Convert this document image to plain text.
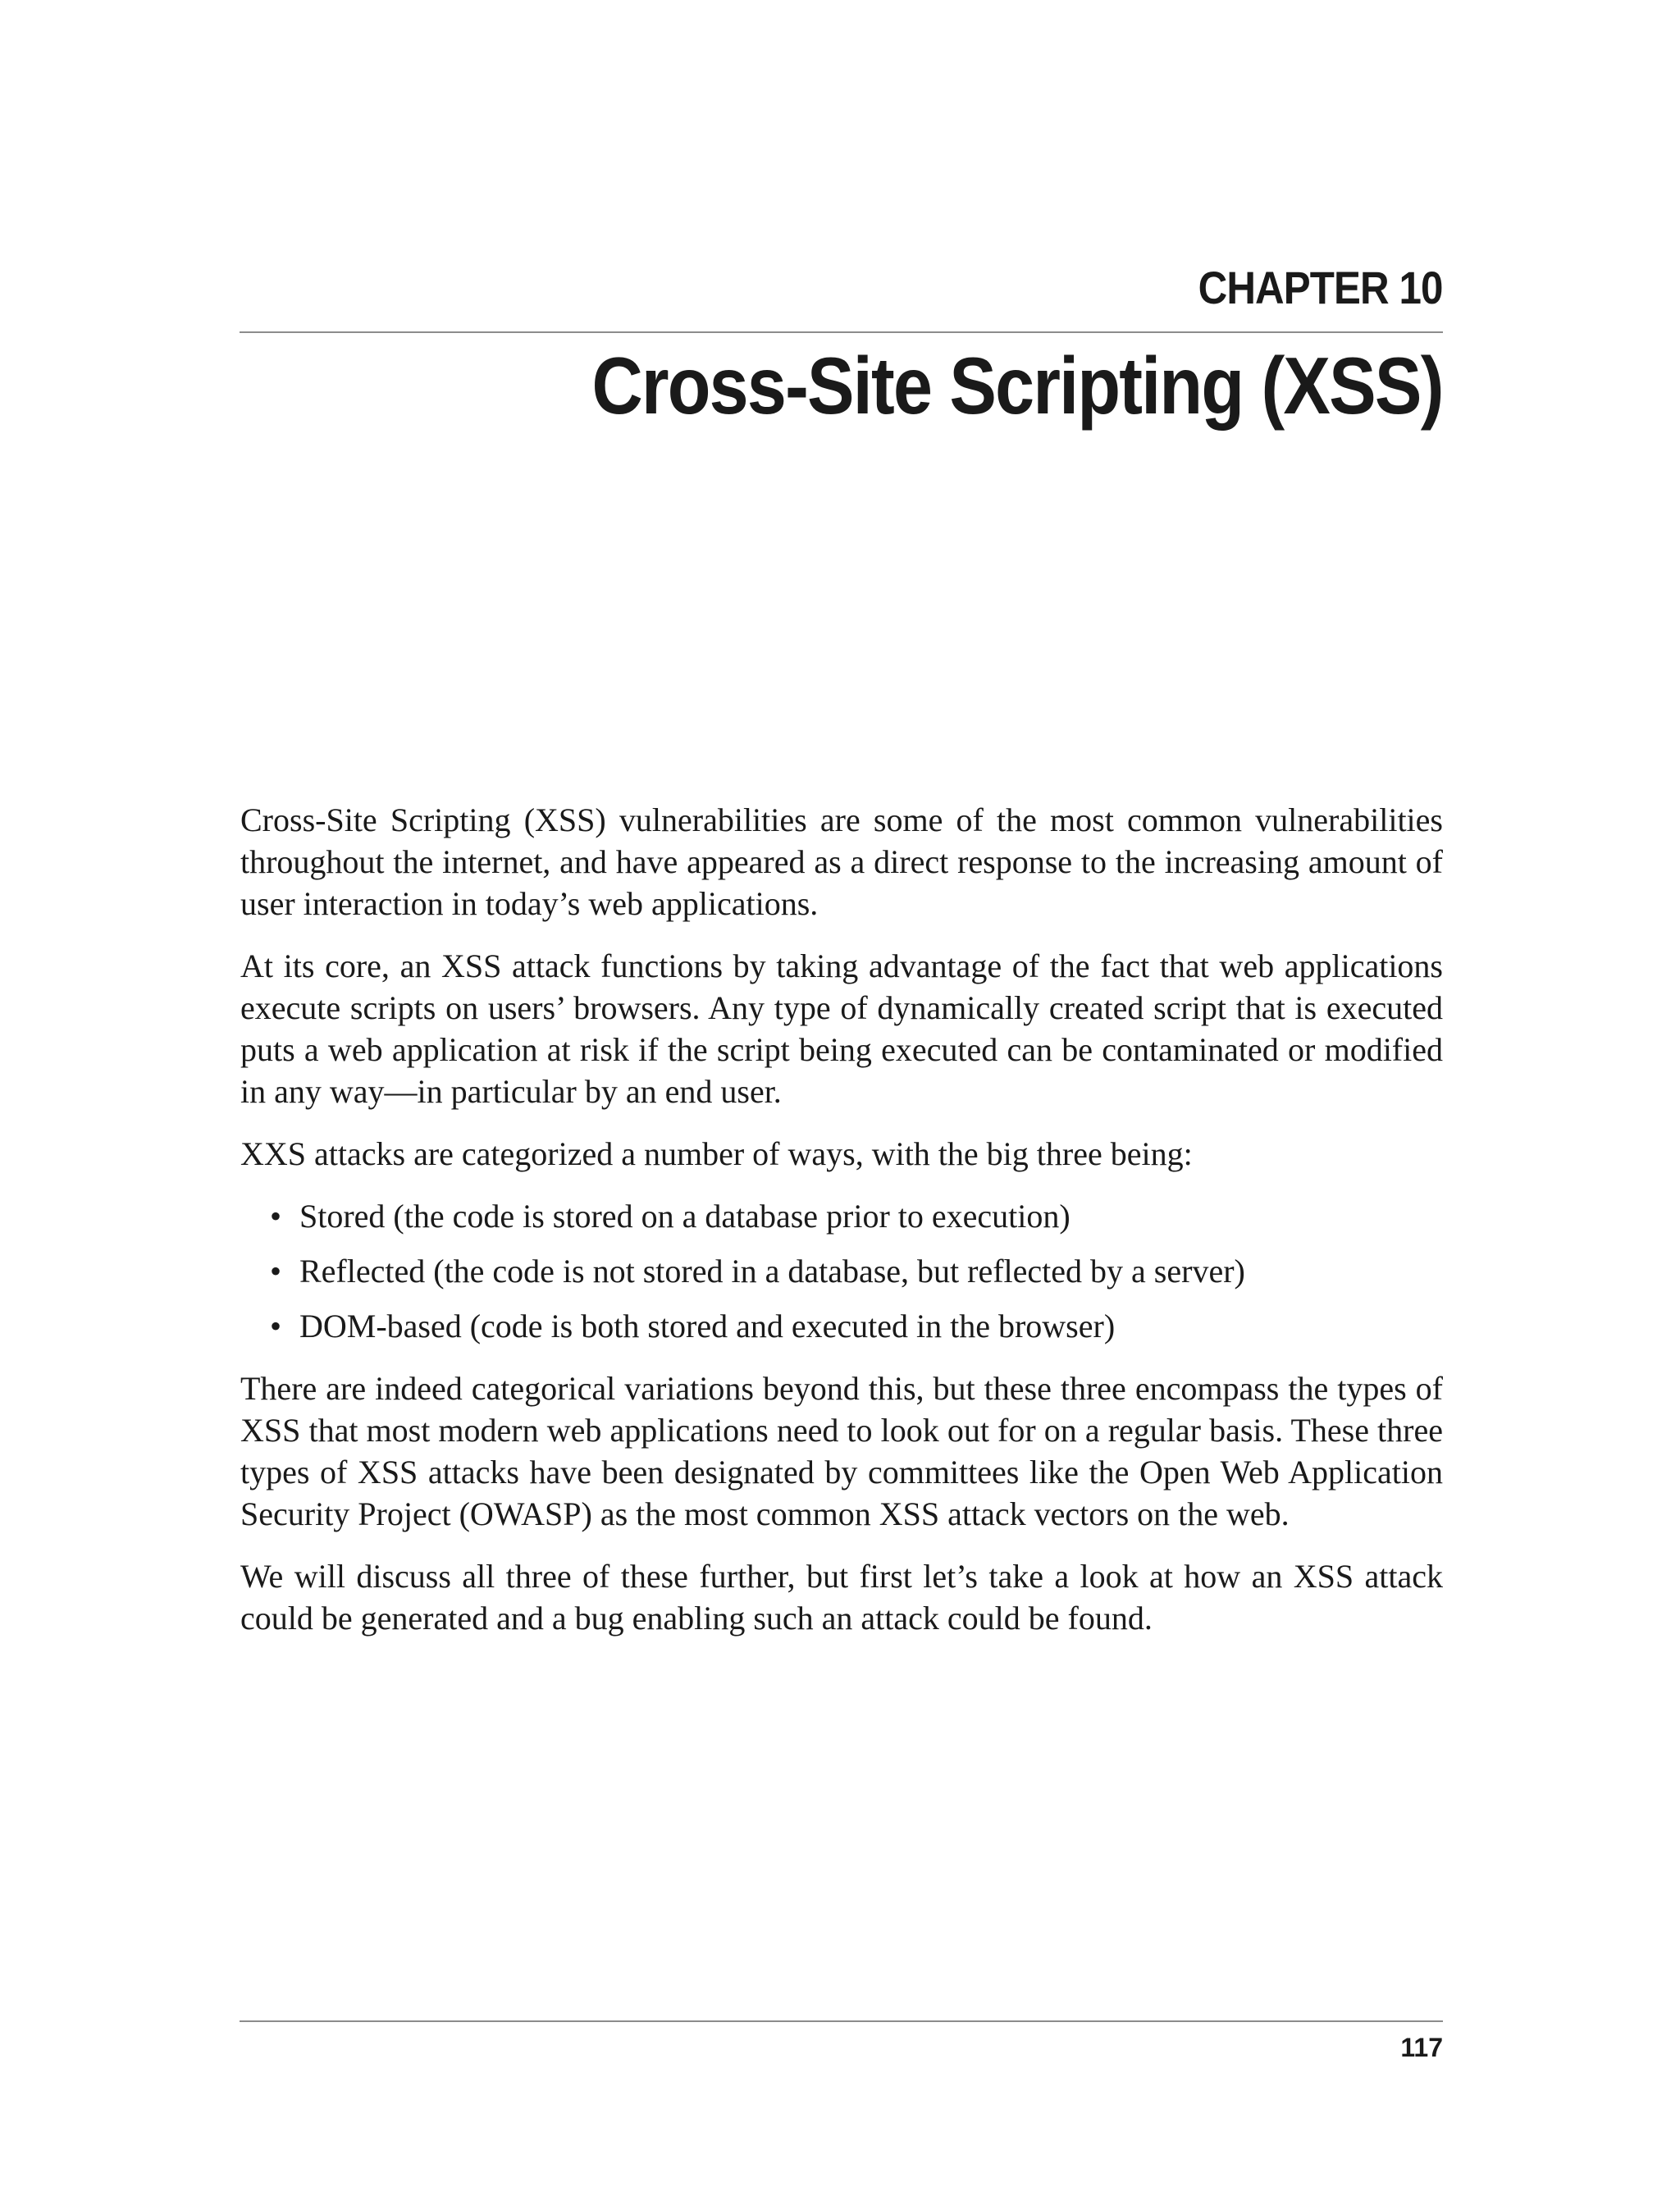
CHAPTER 10
Cross-Site Scripting (XSS)

Cross-Site Scripting (XSS) vulnerabilities are some of the most common vulnerabilities throughout the internet, and have appeared as a direct response to the increasing amount of user interaction in today’s web applications.

At its core, an XSS attack functions by taking advantage of the fact that web applications execute scripts on users’ browsers. Any type of dynamically created script that is executed puts a web application at risk if the script being executed can be contaminated or modified in any way—in particular by an end user.

XXS attacks are categorized a number of ways, with the big three being:

• Stored (the code is stored on a database prior to execution)
• Reflected (the code is not stored in a database, but reflected by a server)
• DOM-based (code is both stored and executed in the browser)

There are indeed categorical variations beyond this, but these three encompass the types of XSS that most modern web applications need to look out for on a regular basis. These three types of XSS attacks have been designated by committees like the Open Web Application Security Project (OWASP) as the most common XSS attack vectors on the web.

We will discuss all three of these further, but first let’s take a look at how an XSS attack could be generated and a bug enabling such an attack could be found.

117
